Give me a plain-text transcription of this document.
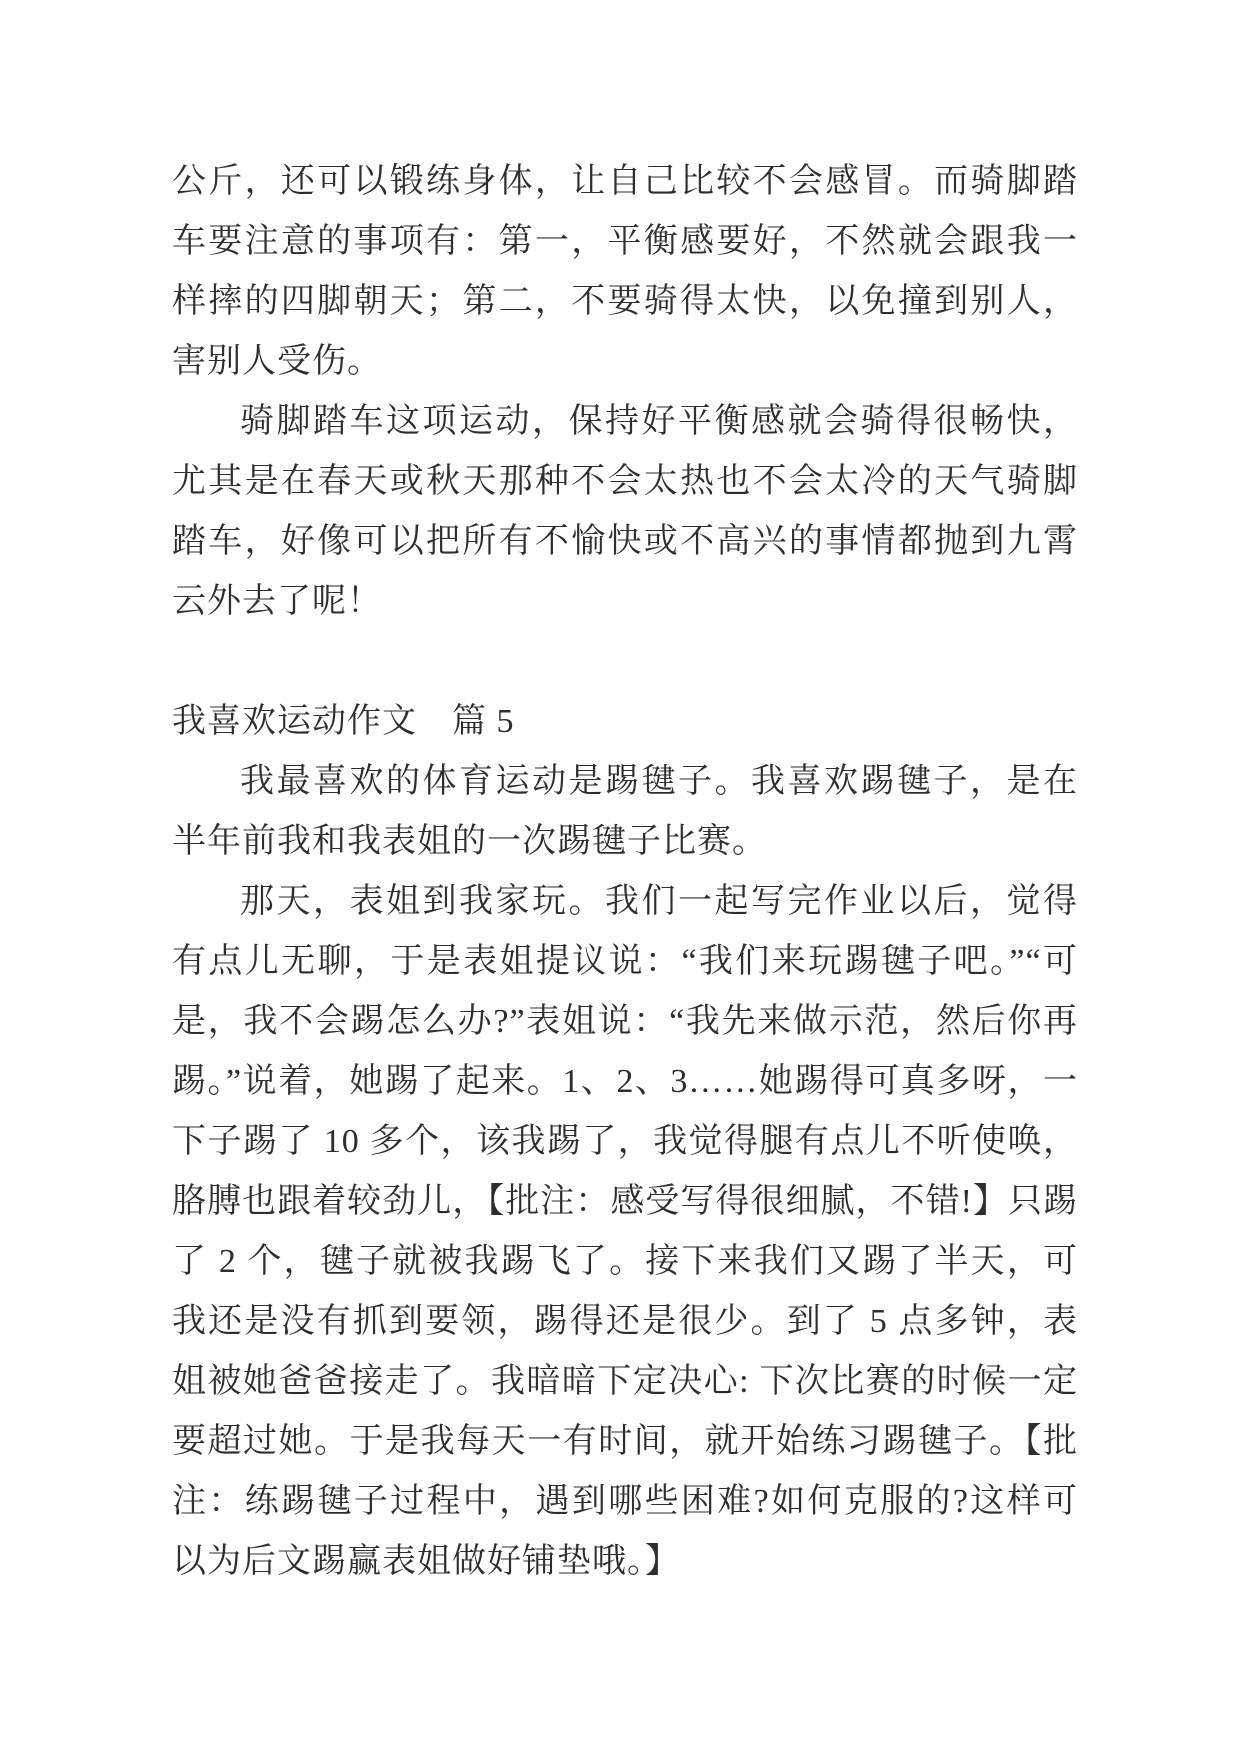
公斤，还可以锻练身体，让自己比较不会感冒。而骑脚踏车要注意的事项有：第一，平衡感要好，不然就会跟我一样摔的四脚朝天；第二，不要骑得太快，以免撞到别人，害别人受伤。

骑脚踏车这项运动，保持好平衡感就会骑得很畅快，尤其是在春天或秋天那种不会太热也不会太冷的天气骑脚踏车，好像可以把所有不愉快或不高兴的事情都抛到九霄云外去了呢！

我喜欢运动作文　篇 5

我最喜欢的体育运动是踢毽子。我喜欢踢毽子，是在半年前我和我表姐的一次踢毽子比赛。

那天，表姐到我家玩。我们一起写完作业以后，觉得有点儿无聊，于是表姐提议说：“我们来玩踢毽子吧。”“可是，我不会踢怎么办?”表姐说：“我先来做示范，然后你再踢。”说着，她踢了起来。1、2、3……她踢得可真多呀，一下子踢了 10 多个，该我踢了，我觉得腿有点儿不听使唤，胳膊也跟着较劲儿，【批注：感受写得很细腻，不错!】只踢了 2 个，毽子就被我踢飞了。接下来我们又踢了半天，可我还是没有抓到要领，踢得还是很少。到了 5 点多钟，表姐被她爸爸接走了。我暗暗下定决心: 下次比赛的时候一定要超过她。于是我每天一有时间，就开始练习踢毽子。【批注：练踢毽子过程中，遇到哪些困难?如何克服的?这样可以为后文踢赢表姐做好铺垫哦。】
